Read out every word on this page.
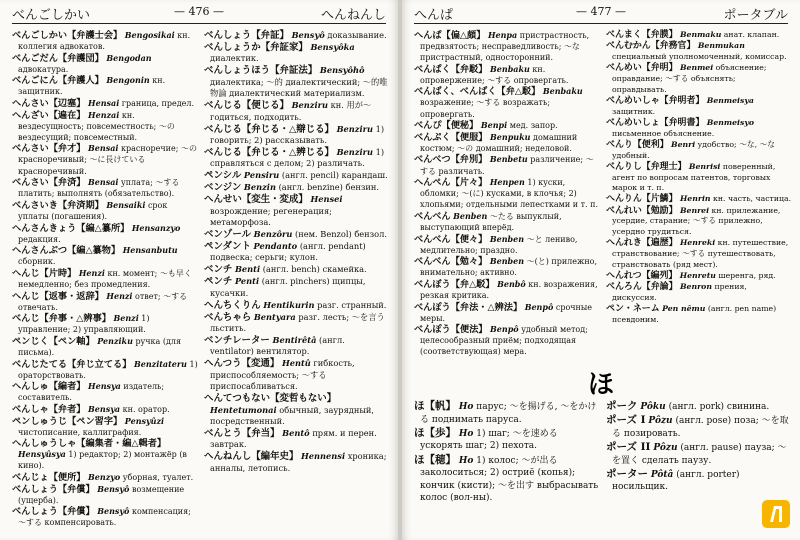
べんごしかい	— 476 —	へんねんし
べんごしかい【弁護士会】 Bengosikai кн. коллегия адвокатов.
べんごだん【弁護団】 Bengodan адвокатура.
べんごにん【弁護人】 Bengonin кн. защитник.
へんさい【辺塞】 Hensai граница, предел.
へんざい【遍在】 Henzai кн. вездесущность; повсеместность; ～の вездесущий; повсеместный.
べんさい【弁才】 Bensai красноречие; ～の красноречивый; ～に長けている красноречивый.
べんさい【弁済】 Bensai уплата; ～する платить; выполнять (обязательство).
べんさいき【弁済期】 Bensaiki срок уплаты (погашения).
へんさんきょう【編△纂所】 Hensanzyo редакция.
へんさんぶつ【編△纂物】 Hensanbutu сборник.
へんじ【片時】 Henzi кн. момент; ～も早く немедленно; без промедления.
へんじ【返事・返辞】 Henzi ответ; ～する отвечать.
べんじ【弁事・△辨事】 Benzi 1) управление; 2) управляющий.
ペンじく【ペン軸】 Penziku ручка (для письма).
べんじたてる【弁じ立てる】 Benzitateru 1) ораторствовать.
へんしゅ【編者】 Hensya издатель; составитель.
べんしゃ【弁者】 Bensya кн. оратор.
ペンしゅうじ【ペン習字】 Pensyûzi чистописание, каллиграфия.
へんしゅうしゃ【編集者・編△輯者】 Hensyûsya 1) редактор; 2) монтажёр (в кино).
べんじょ【便所】 Benzyo уборная, туалет.
べんしょう【弁償】 Bensyô возмещение (ущерба).
べんしょう【弁償】 Bensyô компенсация; ～する компенсировать.
べんしょう【弁証】 Bensyô доказывание.
べんしょうか【弁証家】 Bensyôka диалектик.
べんしょうほう【弁証法】 Bensyôhô диалектика; ～的 диалектический; ～的唯物論 диалектический материализм.
べんじる【便じる】 Benziru кн. 用が～ годиться, подходить.
べんじる【弁じる・△辯じる】 Benziru 1) говорить; 2) рассказывать.
べんじる【弁じる・△辨じる】 Benziru 1) справляться с делом; 2) различать.
ペンシル Pensiru (англ. pencil) карандаш.
ベンジン Benzin (англ. benzine) бензин.
へんせい【変生・変成】 Hensei возрождение; регенерация; метаморфоза.
ベンゾール Benzôru (нем. Benzol) бензол.
ペンダント Pendanto (англ. pendant) подвеска; серьги; кулон.
ベンチ Benti (англ. bench) скамейка.
ペンチ Penti (англ. pinchers) щипцы, кусачки.
へんちくりん Hentikurin разг. странный.
べんちゃら Bentyara разг. лесть; ～を言う льстить.
ベンチレーター Bentirêtâ (англ. ventilator) вентилятор.
へんつう【変通】 Hentû гибкость, приспособляемость; ～する приспосабливаться.
へんてつもない【変哲もない】 Hentetumonai обычный, заурядный, посредственный.
べんとう【弁当】 Bentô прям. и перен. завтрак.
へんねんし【編年史】 Hennensi хроника; анналы, летопись.
へんぱ	— 477 —	ポータブル
へんぱ【偏△頗】 Henpa пристрастность, предвзятость; несправедливость; ～な пристрастный, односторонний.
べんぱく【弁駁】 Benbaku кн. опровержение; ～する опровергать.
べんばく、べんばく【弁△駁】 Benbaku возражение; ～する возражать; опровергать.
べんぴ【便秘】 Benpi мед. запор.
べんぷく【便服】 Benpuku домашний костюм; ～の домашний; неделовой.
べんべつ【弁別】 Benbetu различение; ～する различать.
へんぺん【片々】 Henpen 1) куски, обломки; ～(に) кусками, в клочья; 2) хлопьями; отдельными лепестками и т. п.
べんべん Benben ～たる выпуклый, выступающий вперёд.
べんべん【便々】 Benben ～と лениво, медлительно; праздно.
べんべん【勉々】 Benben ～(と) прилежно, внимательно; активно.
べんぼう【弁△駁】 Benbô кн. возражения, резкая критика.
べんぽう【弁法・△辨法】 Benpô срочные меры.
べんぽう【便法】 Benpô удобный метод; целесообразный приём; подходящая (соответствующая) мера.
べんまく【弁膜】 Benmaku анат. клапан.
べんむかん【弁務官】 Benmukan специальный уполномоченный, комиссар.
べんめい【弁明】 Benmei объяснение; оправдание; ～する объяснять; оправдывать.
べんめいしゃ【弁明者】 Benmeisya защитник.
べんめいしょ【弁明書】 Benmeisyo письменное объяснение.
べんり【便利】 Benri удобство; ～な, ～な удобный.
べんりし【弁理士】 Benrisi поверенный, агент по вопросам патентов, торговых марок и т. п.
へんりん【片鱗】 Henrin кн. часть, частица.
べんれい【勉励】 Benrei кн. прилежание, усердие, старание; ～する прилежно, усердно трудиться.
へんれき【遍歴】 Henreki кн. путешествие, странствование; ～する путешествовать, странствовать (ряд мест).
へんれつ【編列】 Henretu шеренга, ряд.
べんろん【弁論】 Benron прения, дискуссия.
ペン・ネーム Pen nêmu (англ. pen name) псевдоним.
ほ
ほ【帆】 Ho парус; ～を揚げる, ～をかける поднимать паруса.
ほ【歩】 Ho 1) шаг; ～を速める ускорять шаг; 2) пехота.
ほ【穂】 Ho 1) колос; ～が出る заколоситься; 2) остриё (копья); кончик (кисти); ～を出す выбрасывать колос (вол-ны).
ポーク Pôku (англ. pork) свинина.
ポーズ I Pôzu (англ. pose) поза; ～を取る позировать.
ポーズ II Pôzu (англ. pause) пауза; ～を置く сделать паузу.
ポーター Pôtâ (англ. porter) носильщик.
